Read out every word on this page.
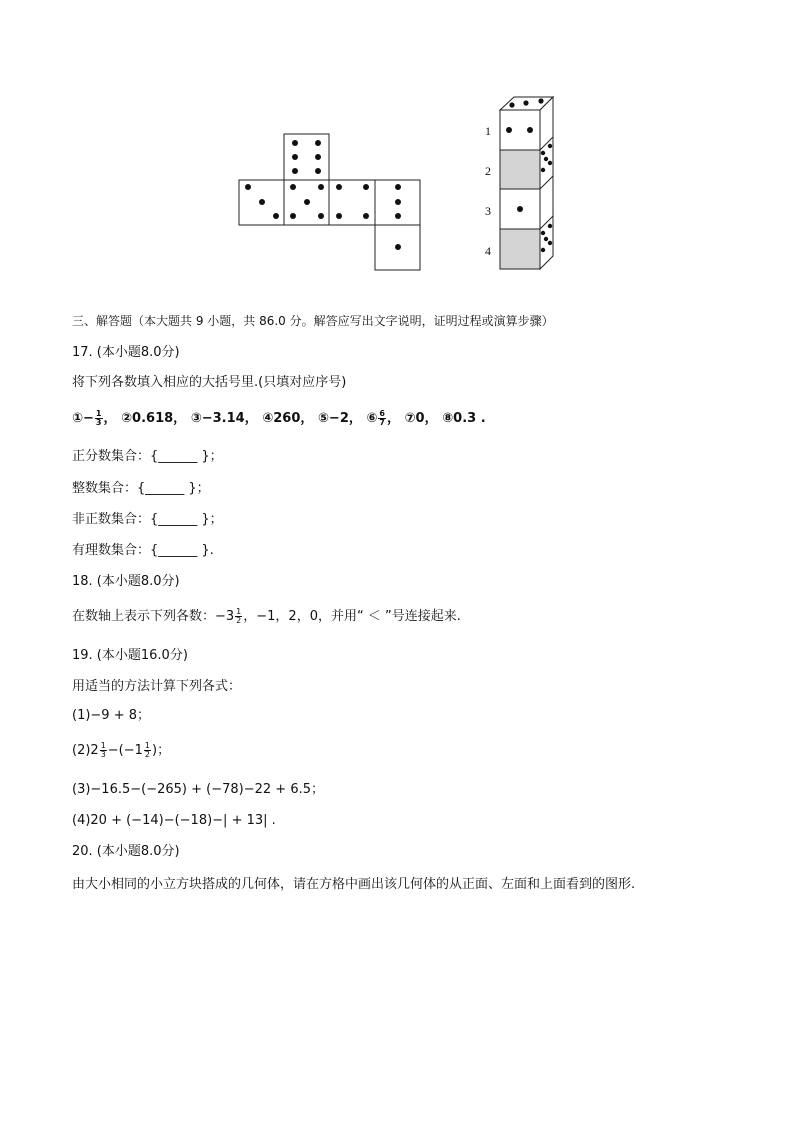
1
2
3
4
三、解答题（本大题共 9 小题，共 86.0 分。解答应写出文字说明，证明过程或演算步骤）
17. (本小题8.0分)
将下列各数填入相应的大括号里.(只填对应序号)
①− $\frac{1}{3}$ ， ②0.618， ③−3.14， ④260， ⑤−2， ⑥ $\frac{6}{7}$ ， ⑦0， ⑧0.3 .
正分数集合：{______ }；
整数集合：{______ }；
非正数集合：{______ }；
有理数集合：{______ }.
18. (本小题8.0分)
在数轴上表示下列各数：$-3 \frac{1}{2}$ ，−1，2，0，并用“ ＜ ”号连接起来.
19. (本小题16.0分)
用适当的方法计算下列各式：
(1)−9 + 8；
$(2)2 \frac{1}{3} -(-1 \frac{1}{2}$ )；
(3)−16.5−(−265) + (−78)−22 + 6.5；
(4)20 + (−14)−(−18)−| + 13| .
20. (本小题8.0分)
由大小相同的小立方块搭成的几何体，请在方格中画出该几何体的从正面、左面和上面看到的图形.
